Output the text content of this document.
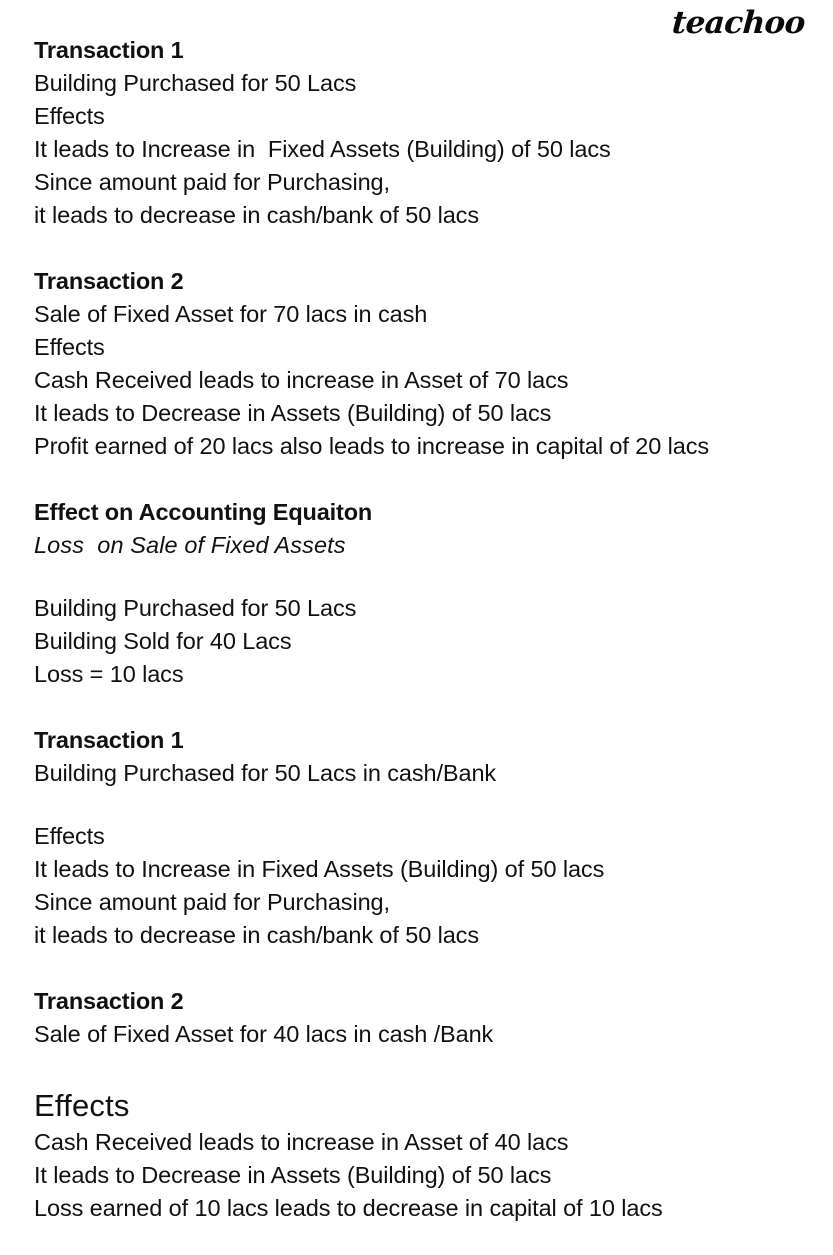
teachoo
Transaction 1
Building Purchased for 50 Lacs
Effects
It leads to Increase in  Fixed Assets (Building) of 50 lacs
Since amount paid for Purchasing,
it leads to decrease in cash/bank of 50 lacs
Transaction 2
Sale of Fixed Asset for 70 lacs in cash
Effects
Cash Received leads to increase in Asset of 70 lacs
It leads to Decrease in Assets (Building) of 50 lacs
Profit earned of 20 lacs also leads to increase in capital of 20 lacs
Effect on Accounting Equaiton
Loss  on Sale of Fixed Assets
Building Purchased for 50 Lacs
Building Sold for 40 Lacs
Loss = 10 lacs
Transaction 1
Building Purchased for 50 Lacs in cash/Bank
Effects
It leads to Increase in Fixed Assets (Building) of 50 lacs
Since amount paid for Purchasing,
it leads to decrease in cash/bank of 50 lacs
Transaction 2
Sale of Fixed Asset for 40 lacs in cash /Bank
Effects
Cash Received leads to increase in Asset of 40 lacs
It leads to Decrease in Assets (Building) of 50 lacs
Loss earned of 10 lacs leads to decrease in capital of 10 lacs
